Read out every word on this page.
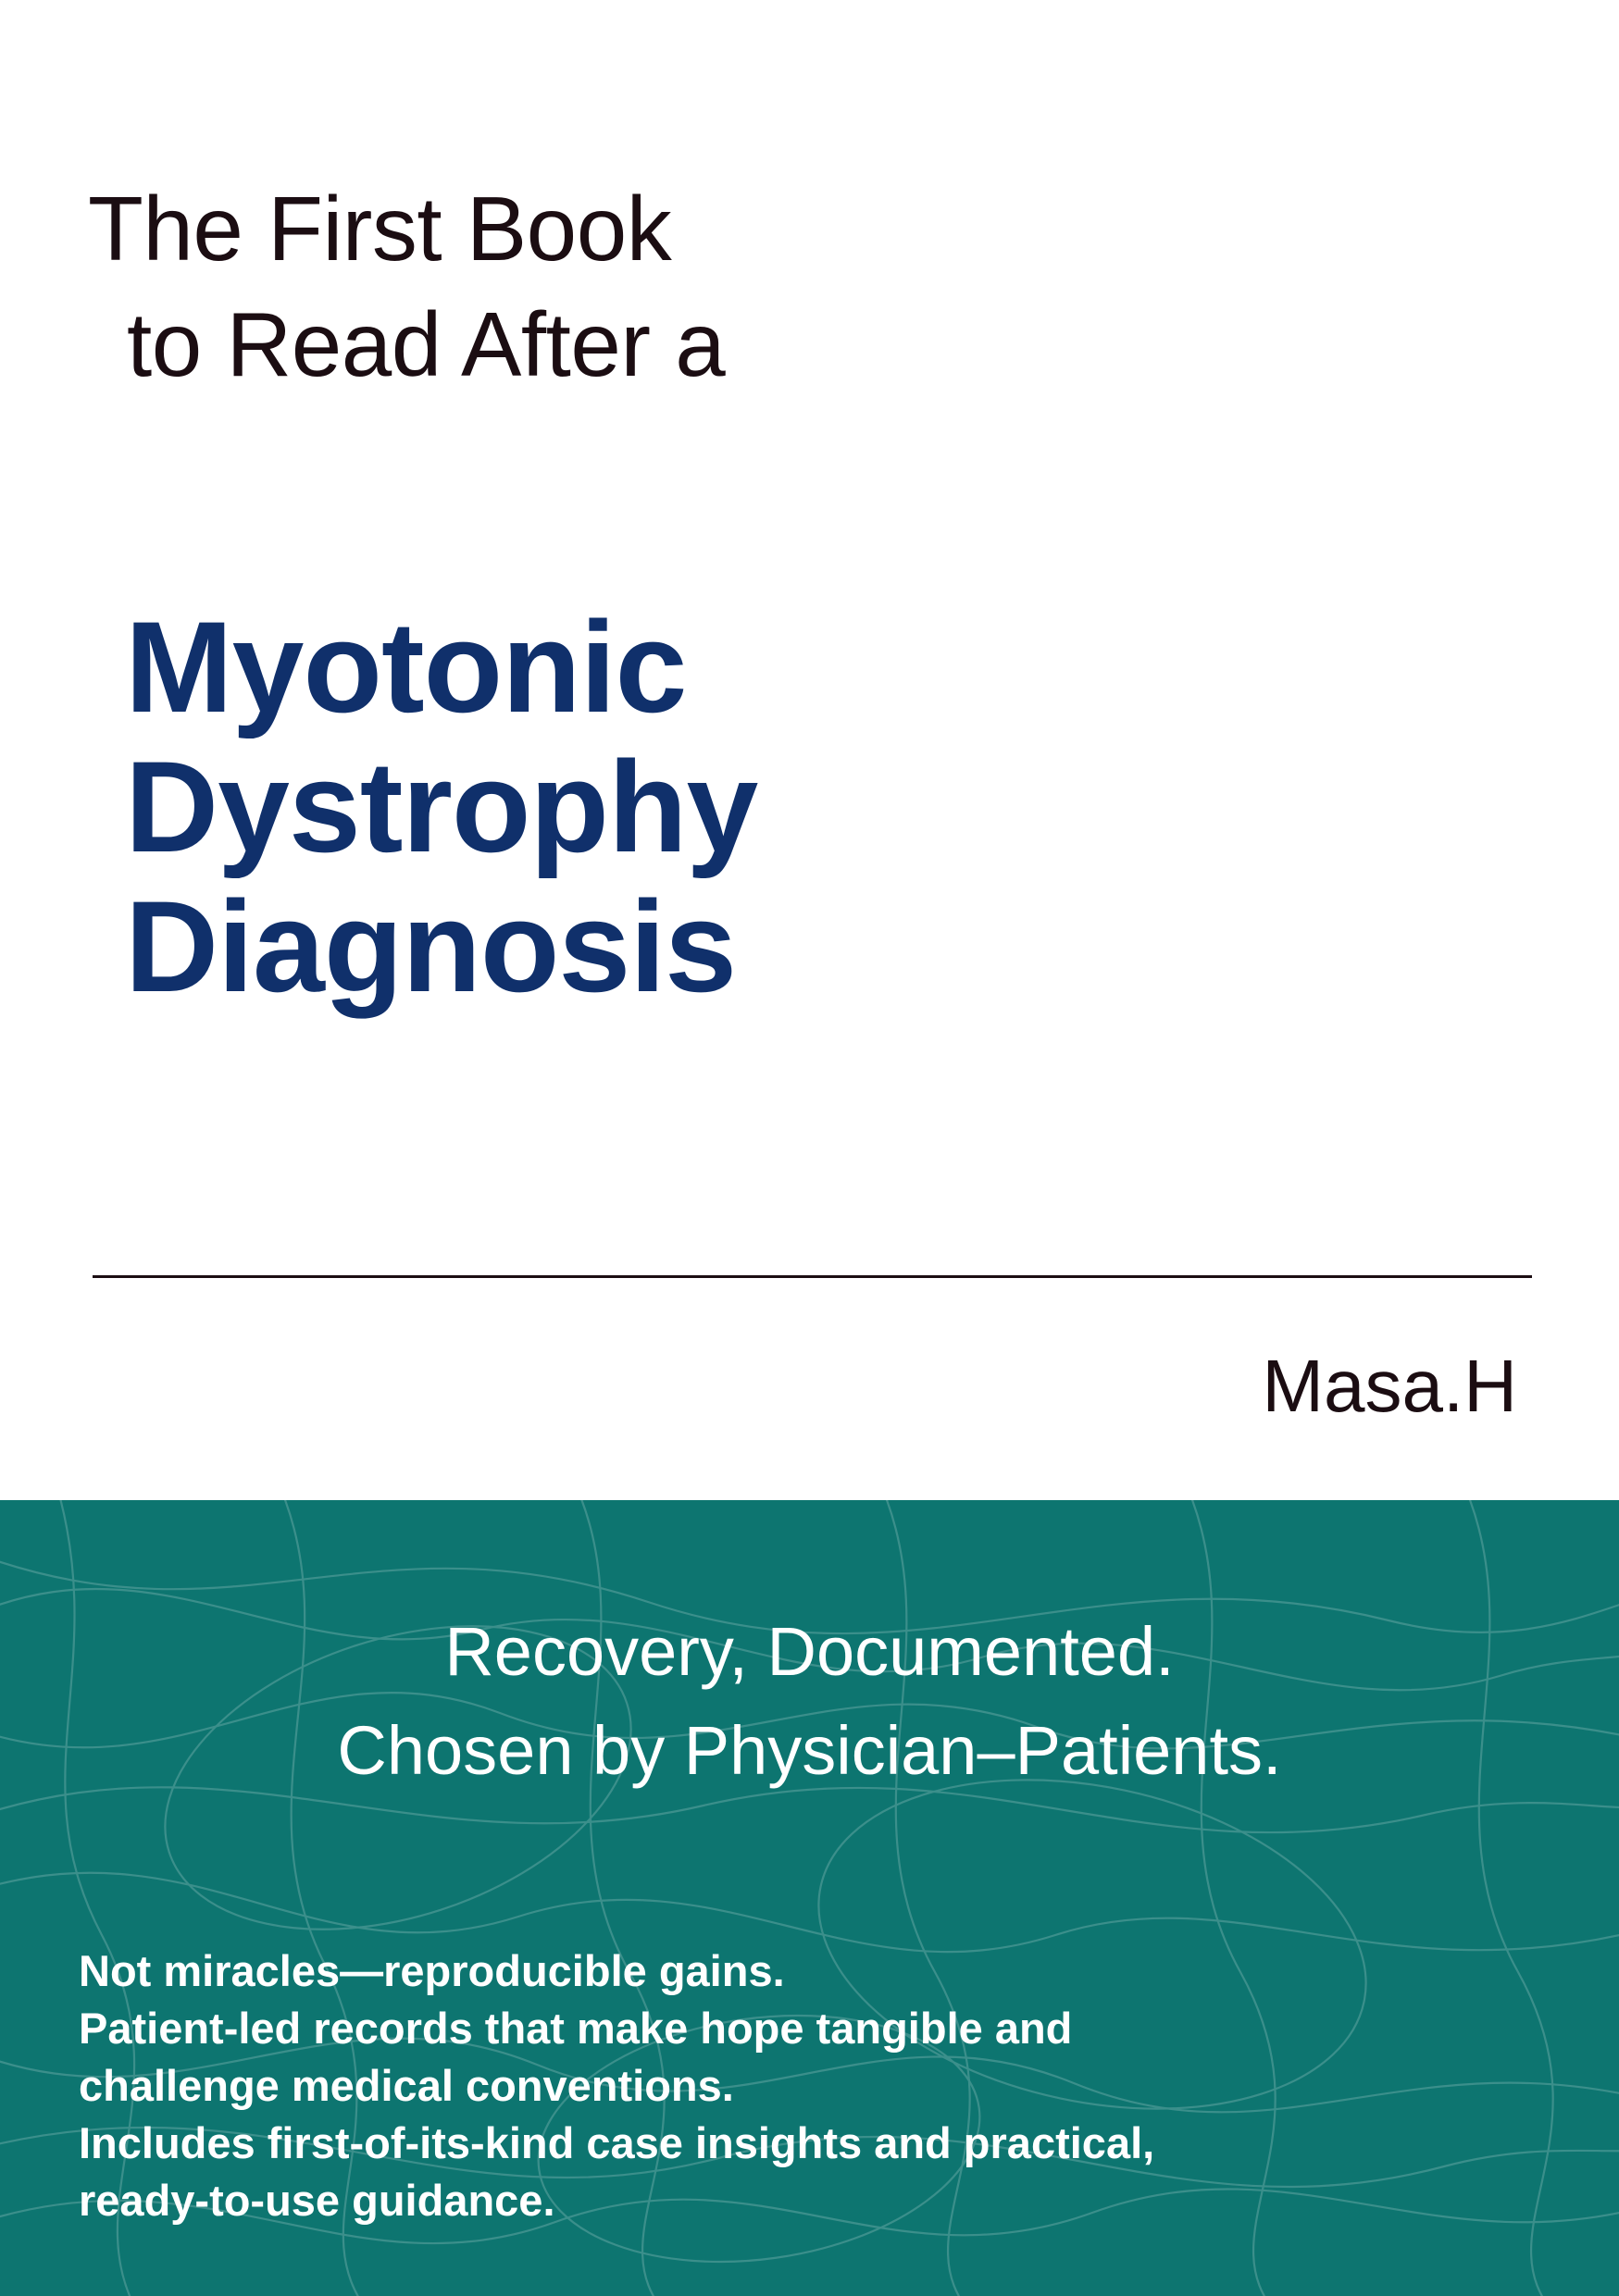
The First Book
to Read After a
Myotonic
Dystrophy
Diagnosis
Masa.H
Recovery, Documented.
Chosen by Physician–Patients.
Not miracles—reproducible gains.
Patient-led records that make hope tangible and
challenge medical conventions.
Includes first-of-its-kind case insights and practical,
ready-to-use guidance.
